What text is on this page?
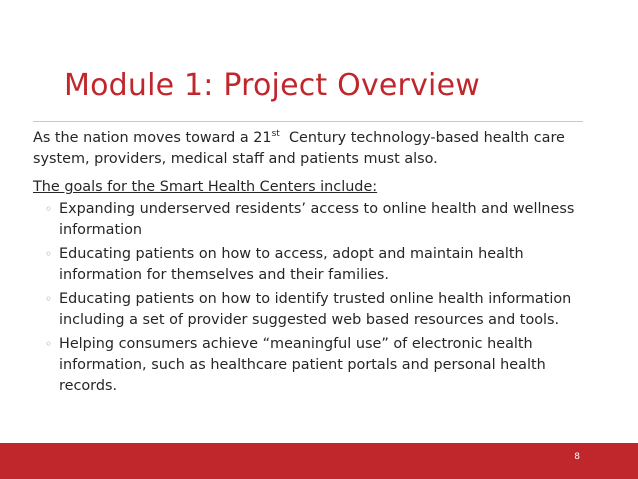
Module 1: Project Overview

As the nation moves toward a 21st  Century technology-based health care system, providers, medical staff and patients must also.

The goals for the Smart Health Centers include:

◦ Expanding underserved residents’ access to online health and wellness information
◦ Educating patients on how to access, adopt and maintain health information for themselves and their families.
◦ Educating patients on how to identify trusted online health information including a set of provider suggested web based resources and tools.
◦ Helping consumers achieve “meaningful use” of electronic health information, such as healthcare patient portals and personal health records.
8
